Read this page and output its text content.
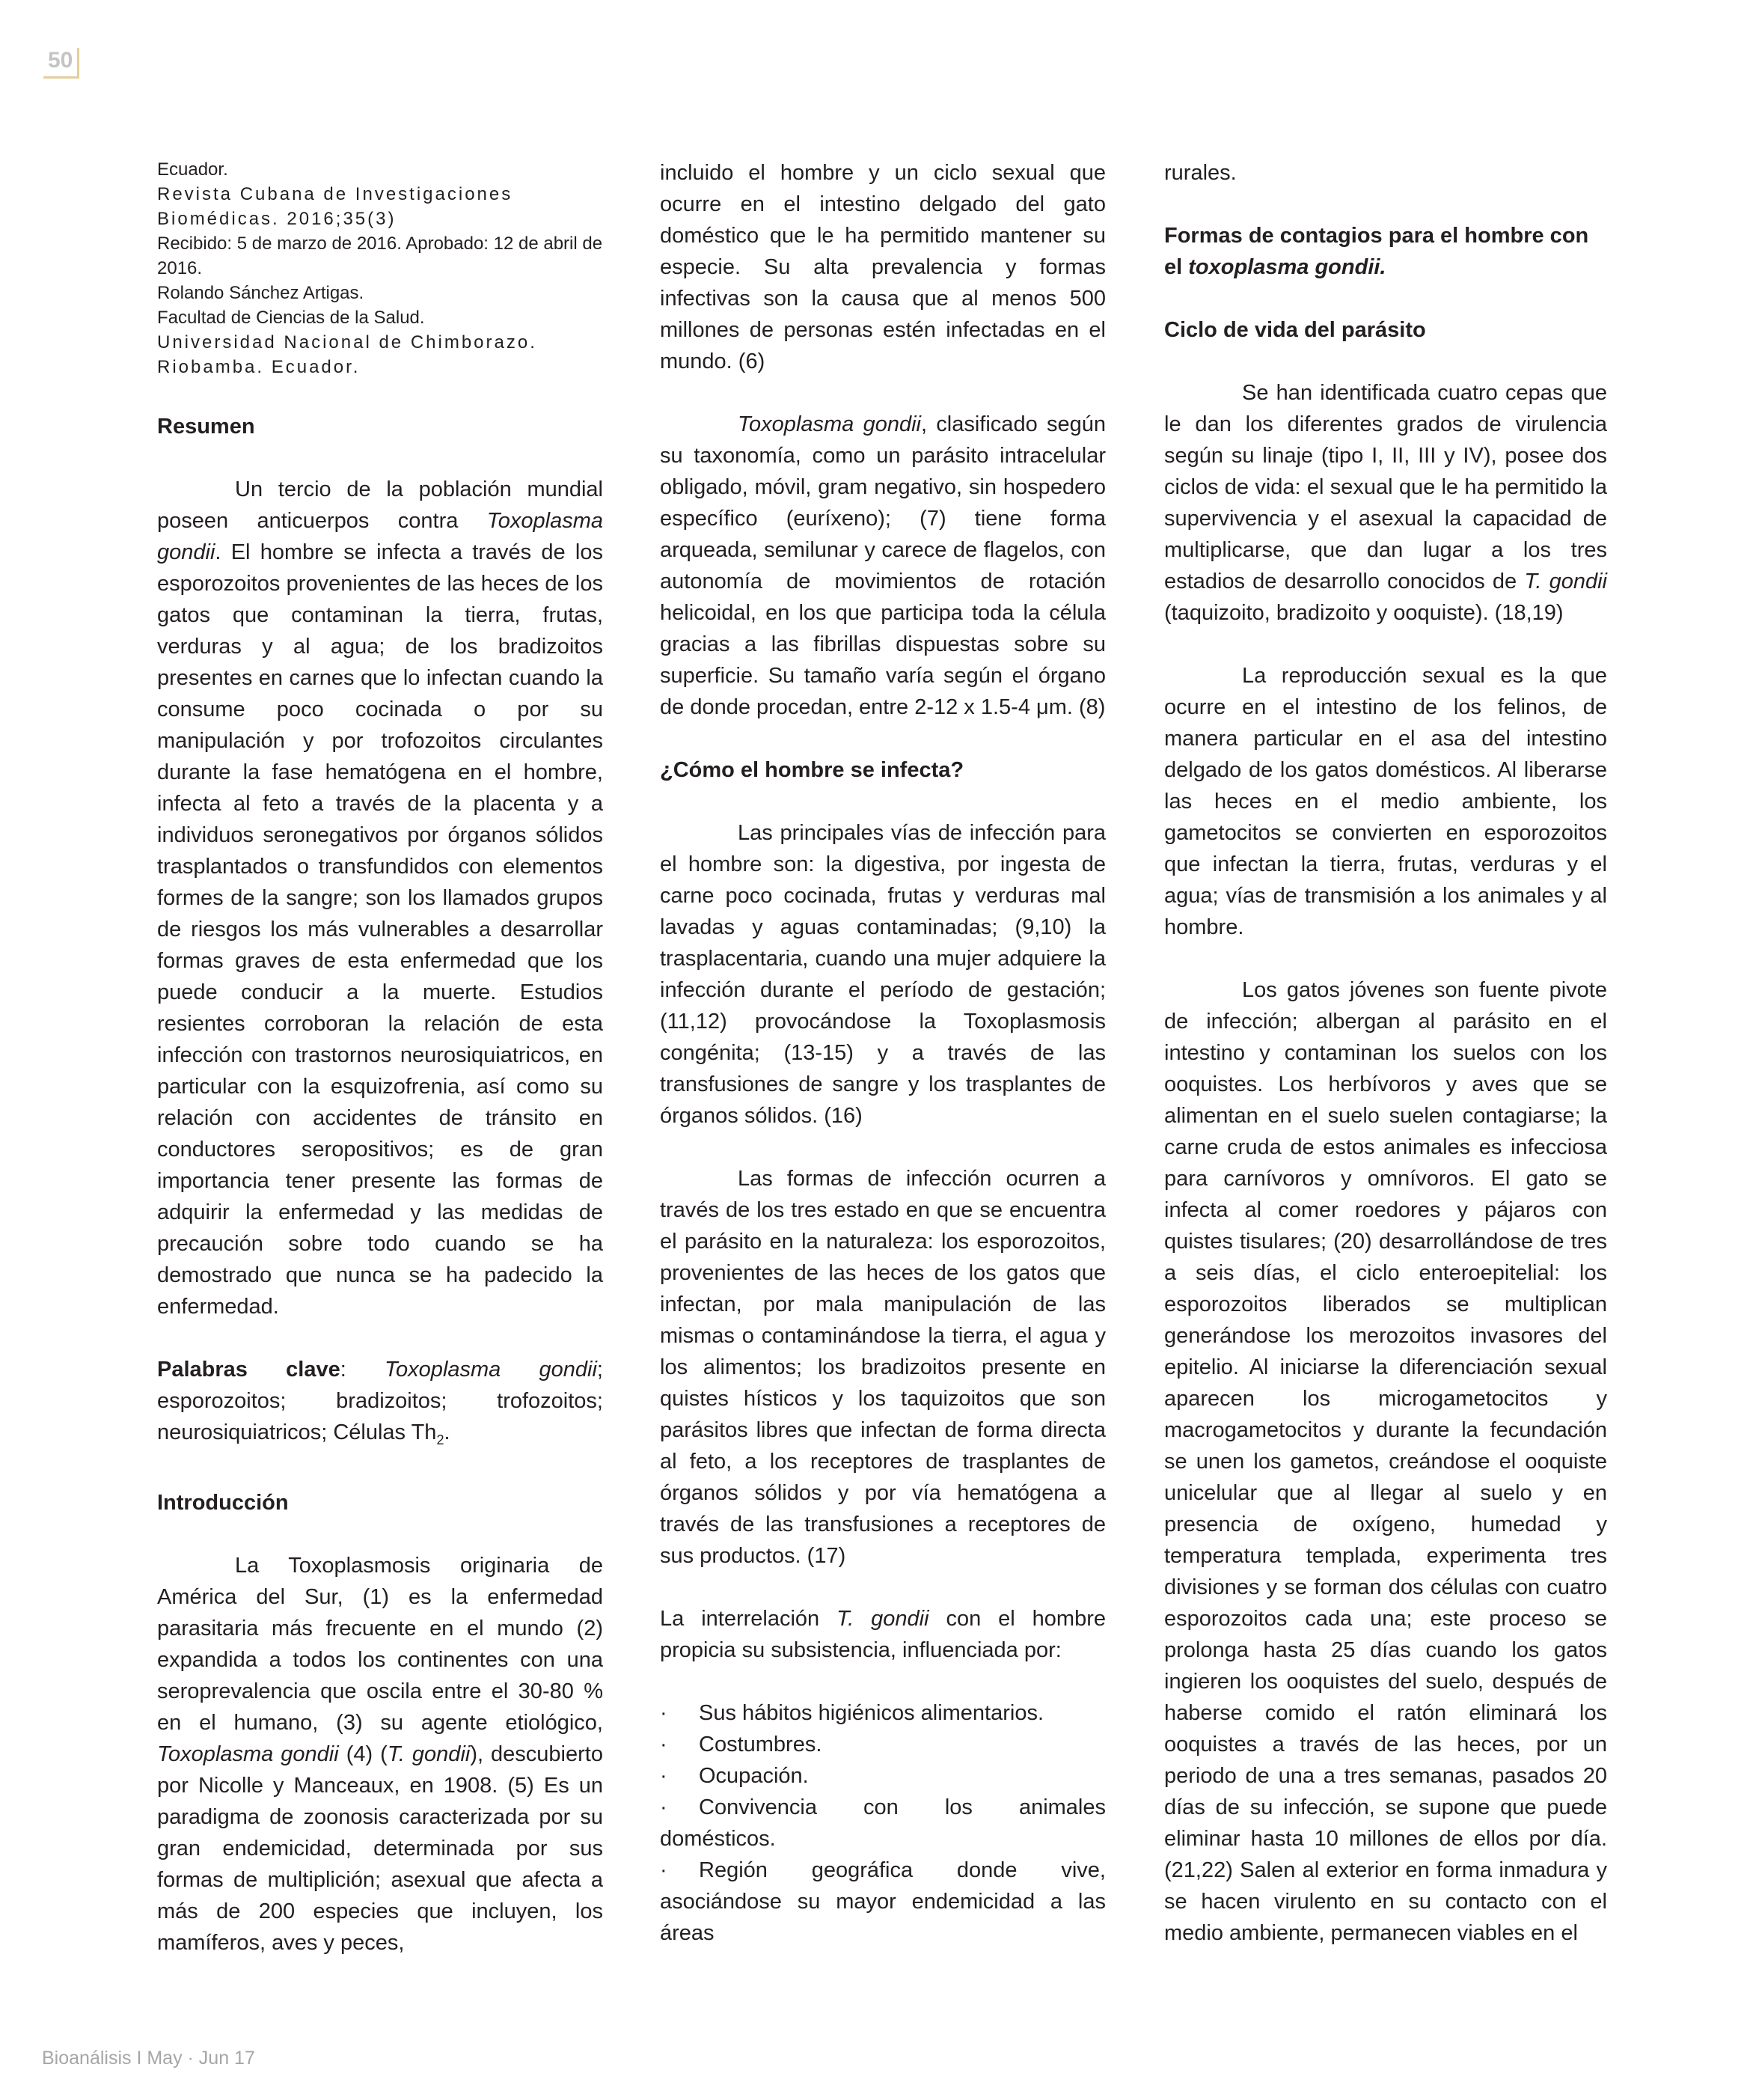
50

Ecuador.

Revista Cubana de Investigaciones Biomédicas. 2016;35(3)

Recibido: 5 de marzo de 2016. Aprobado: 12 de abril de 2016.

Rolando Sánchez Artigas.

Facultad de Ciencias de la Salud.

Universidad Nacional de Chimborazo. Riobamba. Ecuador.

Resumen

Un tercio de la población mundial poseen anticuerpos contra Toxoplasma gondii. El hombre se infecta a través de los esporozoitos provenientes de las heces de los gatos que contaminan la tierra, frutas, verduras y al agua; de los bradizoitos presentes en carnes que lo infectan cuando la consume poco cocinada o por su manipulación y por trofozoitos circulantes durante la fase hematógena en el hombre, infecta al feto a través de la placenta y a individuos seronegativos por órganos sólidos trasplantados o transfundidos con elementos formes de la sangre; son los llamados grupos de riesgos los más vulnerables a desarrollar formas graves de esta enfermedad que los puede conducir a la muerte. Estudios resientes corroboran la relación de esta infección con trastornos neurosiquiatricos, en particular con la esquizofrenia, así como su relación con accidentes de tránsito en conductores seropositivos; es de gran importancia tener presente las formas de adquirir la enfermedad y las medidas de precaución sobre todo cuando se ha demostrado que nunca se ha padecido la enfermedad.

Palabras clave: Toxoplasma gondii; esporozoitos; bradizoitos; trofozoitos; neurosiquiatricos; Células $Th_2$.

Introducción

La Toxoplasmosis originaria de América del Sur, (1) es la enfermedad parasitaria más frecuente en el mundo (2) expandida a todos los continentes con una seroprevalencia que oscila entre el 30-80 % en el humano, (3) su agente etiológico, Toxoplasma gondii (4) (T. gondii), descubierto por Nicolle y Manceaux, en 1908. (5) Es un paradigma de zoonosis caracterizada por su gran endemicidad, determinada por sus formas de multiplición; asexual que afecta a más de 200 especies que incluyen, los mamíferos, aves y peces,

incluido el hombre y un ciclo sexual que ocurre en el intestino delgado del gato doméstico que le ha permitido mantener su especie. Su alta prevalencia y formas infectivas son la causa que al menos 500 millones de personas estén infectadas en el mundo. (6)

Toxoplasma gondii, clasificado según su taxonomía, como un parásito intracelular obligado, móvil, gram negativo, sin hospedero específico (euríxeno); (7) tiene forma arqueada, semilunar y carece de flagelos, con autonomía de movimientos de rotación helicoidal, en los que participa toda la célula gracias a las fibrillas dispuestas sobre su superficie. Su tamaño varía según el órgano de donde procedan, entre 2-12 x 1.5-4 μm. (8)

¿Cómo el hombre se infecta?

Las principales vías de infección para el hombre son: la digestiva, por ingesta de carne poco cocinada, frutas y verduras mal lavadas y aguas contaminadas; (9,10) la trasplacentaria, cuando una mujer adquiere la infección durante el período de gestación; (11,12) provocándose la Toxoplasmosis congénita; (13-15) y a través de las transfusiones de sangre y los trasplantes de órganos sólidos. (16)

Las formas de infección ocurren a través de los tres estado en que se encuentra el parásito en la naturaleza: los esporozoitos, provenientes de las heces de los gatos que infectan, por mala manipulación de las mismas o contaminándose la tierra, el agua y los alimentos; los bradizoitos presente en quistes hísticos y los taquizoitos que son parásitos libres que infectan de forma directa al feto, a los receptores de trasplantes de órganos sólidos y por vía hematógena a través de las transfusiones a receptores de sus productos. (17)

La interrelación T. gondii con el hombre propicia su subsistencia, influenciada por:

· Sus hábitos higiénicos alimentarios.

· Costumbres.

· Ocupación.

· Convivencia con los animales domésticos.

· Región geográfica donde vive, asociándose su mayor endemicidad a las áreas

rurales.

Formas de contagios para el hombre con el toxoplasma gondii.

Ciclo de vida del parásito

Se han identificada cuatro cepas que le dan los diferentes grados de virulencia según su linaje (tipo I, II, III y IV), posee dos ciclos de vida: el sexual que le ha permitido la supervivencia y el asexual la capacidad de multiplicarse, que dan lugar a los tres estadios de desarrollo conocidos de T. gondii (taquizoito, bradizoito y ooquiste). (18,19)

La reproducción sexual es la que ocurre en el intestino de los felinos, de manera particular en el asa del intestino delgado de los gatos domésticos. Al liberarse las heces en el medio ambiente, los gametocitos se convierten en esporozoitos que infectan la tierra, frutas, verduras y el agua; vías de transmisión a los animales y al hombre.

Los gatos jóvenes son fuente pivote de infección; albergan al parásito en el intestino y contaminan los suelos con los ooquistes. Los herbívoros y aves que se alimentan en el suelo suelen contagiarse; la carne cruda de estos animales es infecciosa para carnívoros y omnívoros. El gato se infecta al comer roedores y pájaros con quistes tisulares; (20) desarrollándose de tres a seis días, el ciclo enteroepitelial: los esporozoitos liberados se multiplican generándose los merozoitos invasores del epitelio. Al iniciarse la diferenciación sexual aparecen los microgametocitos y macrogametocitos y durante la fecundación se unen los gametos, creándose el ooquiste unicelular que al llegar al suelo y en presencia de oxígeno, humedad y temperatura templada, experimenta tres divisiones y se forman dos células con cuatro esporozoitos cada una; este proceso se prolonga hasta 25 días cuando los gatos ingieren los ooquistes del suelo, después de haberse comido el ratón eliminará los ooquistes a través de las heces, por un periodo de una a tres semanas, pasados 20 días de su infección, se supone que puede eliminar hasta 10 millones de ellos por día. (21,22) Salen al exterior en forma inmadura y se hacen virulento en su contacto con el medio ambiente, permanecen viables en el

Bioanálisis I May · Jun 17
